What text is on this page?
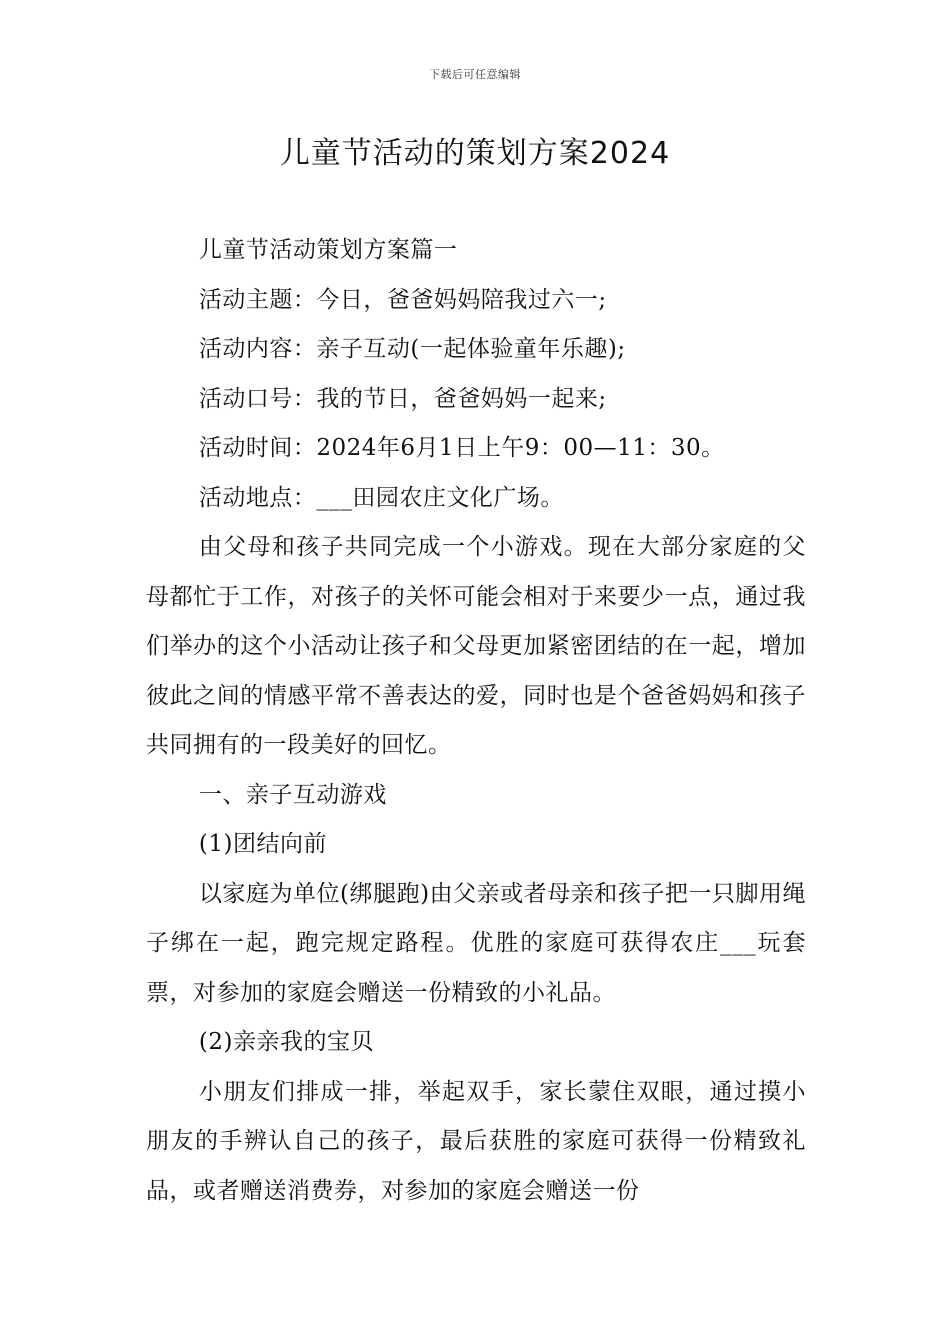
下载后可任意编辑
儿童节活动的策划方案2024

儿童节活动策划方案篇一

活动主题：今日，爸爸妈妈陪我过六一;

活动内容：亲子互动(一起体验童年乐趣);

活动口号：我的节日，爸爸妈妈一起来;

活动时间：2024年6月1日上午9：00—11：30。

活动地点：___田园农庄文化广场。

由父母和孩子共同完成一个小游戏。现在大部分家庭的父母都忙于工作，对孩子的关怀可能会相对于来要少一点，通过我们举办的这个小活动让孩子和父母更加紧密团结的在一起，增加彼此之间的情感平常不善表达的爱，同时也是个爸爸妈妈和孩子共同拥有的一段美好的回忆。

一、亲子互动游戏

(1)团结向前

以家庭为单位(绑腿跑)由父亲或者母亲和孩子把一只脚用绳子绑在一起，跑完规定路程。优胜的家庭可获得农庄___玩套票，对参加的家庭会赠送一份精致的小礼品。

(2)亲亲我的宝贝

小朋友们排成一排，举起双手，家长蒙住双眼，通过摸小朋友的手辨认自己的孩子，最后获胜的家庭可获得一份精致礼品，或者赠送消费券，对参加的家庭会赠送一份
